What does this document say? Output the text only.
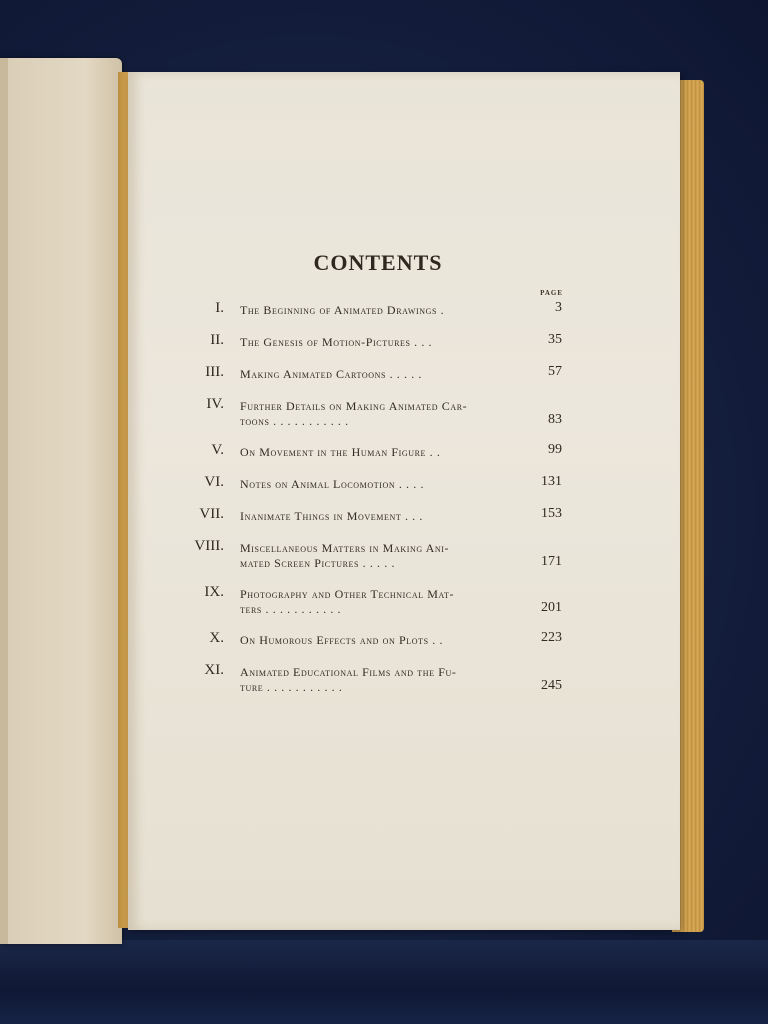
CONTENTS
PAGE
I. The Beginning of Animated Drawings .	3
II. The Genesis of Motion-Pictures . . .	35
III. Making Animated Cartoons . . . . .	57
IV. Further Details on Making Animated Car-
toons . . . . . . . . . . .	83
V. On Movement in the Human Figure . .	99
VI. Notes on Animal Locomotion . . . .	131
VII. Inanimate Things in Movement . . .	153
VIII. Miscellaneous Matters in Making Ani-
mated Screen Pictures . . . . .	171
IX. Photography and Other Technical Mat-
ters . . . . . . . . . . .	201
X. On Humorous Effects and on Plots . .	223
XI. Animated Educational Films and the Fu-
ture . . . . . . . . . . .	245
